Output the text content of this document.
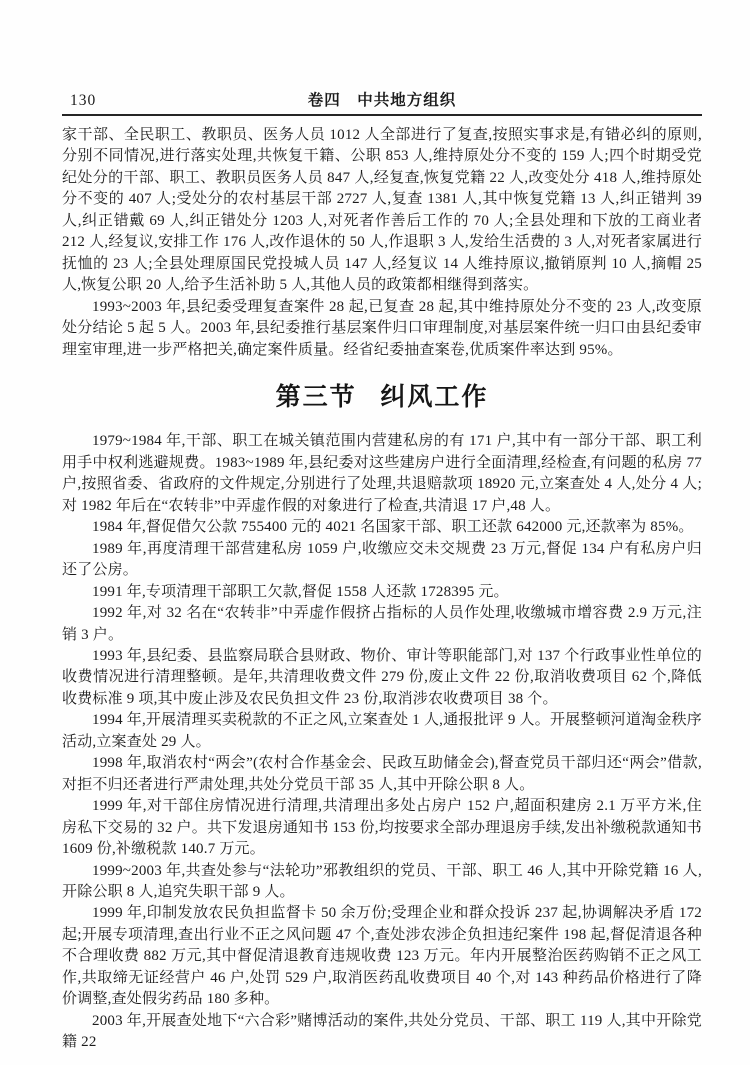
130	卷四　中共地方组织

家干部、全民职工、教职员、医务人员 1012 人全部进行了复查,按照实事求是,有错必纠的原则,分别不同情况,进行落实处理,共恢复干籍、公职 853 人,维持原处分不变的 159 人;四个时期受党纪处分的干部、职工、教职员医务人员 847 人,经复查,恢复党籍 22 人,改变处分 418 人,维持原处分不变的 407 人;受处分的农村基层干部 2727 人,复查 1381 人,其中恢复党籍 13 人,纠正错判 39 人,纠正错戴 69 人,纠正错处分 1203 人,对死者作善后工作的 70 人;全县处理和下放的工商业者 212 人,经复议,安排工作 176 人,改作退休的 50 人,作退职 3 人,发给生活费的 3 人,对死者家属进行抚恤的 23 人;全县处理原国民党投城人员 147 人,经复议 14 人维持原议,撤销原判 10 人,摘帽 25 人,恢复公职 20 人,给予生活补助 5 人,其他人员的政策都相继得到落实。

1993~2003 年,县纪委受理复查案件 28 起,已复查 28 起,其中维持原处分不变的 23 人,改变原处分结论 5 起 5 人。2003 年,县纪委推行基层案件归口审理制度,对基层案件统一归口由县纪委审理室审理,进一步严格把关,确定案件质量。经省纪委抽查案卷,优质案件率达到 95%。

第三节 纠风工作

1979~1984 年,干部、职工在城关镇范围内营建私房的有 171 户,其中有一部分干部、职工利用手中权利逃避规费。1983~1989 年,县纪委对这些建房户进行全面清理,经检查,有问题的私房 77 户,按照省委、省政府的文件规定,分别进行了处理,共退赔款项 18920 元,立案查处 4 人,处分 4 人;对 1982 年后在“农转非”中弄虚作假的对象进行了检查,共清退 17 户,48 人。

1984 年,督促借欠公款 755400 元的 4021 名国家干部、职工还款 642000 元,还款率为 85%。

1989 年,再度清理干部营建私房 1059 户,收缴应交未交规费 23 万元,督促 134 户有私房户归还了公房。

1991 年,专项清理干部职工欠款,督促 1558 人还款 1728395 元。

1992 年,对 32 名在“农转非”中弄虚作假挤占指标的人员作处理,收缴城市增容费 2.9 万元,注销 3 户。

1993 年,县纪委、县监察局联合县财政、物价、审计等职能部门,对 137 个行政事业性单位的收费情况进行清理整顿。是年,共清理收费文件 279 份,废止文件 22 份,取消收费项目 62 个,降低收费标准 9 项,其中废止涉及农民负担文件 23 份,取消涉农收费项目 38 个。

1994 年,开展清理买卖税款的不正之风,立案查处 1 人,通报批评 9 人。开展整顿河道淘金秩序活动,立案查处 29 人。

1998 年,取消农村“两会”(农村合作基金会、民政互助储金会),督查党员干部归还“两会”借款,对拒不归还者进行严肃处理,共处分党员干部 35 人,其中开除公职 8 人。

1999 年,对干部住房情况进行清理,共清理出多处占房户 152 户,超面积建房 2.1 万平方米,住房私下交易的 32 户。共下发退房通知书 153 份,均按要求全部办理退房手续,发出补缴税款通知书 1609 份,补缴税款 140.7 万元。

1999~2003 年,共查处参与“法轮功”邪教组织的党员、干部、职工 46 人,其中开除党籍 16 人,开除公职 8 人,追究失职干部 9 人。

1999 年,印制发放农民负担监督卡 50 余万份;受理企业和群众投诉 237 起,协调解决矛盾 172 起;开展专项清理,查出行业不正之风问题 47 个,查处涉农涉企负担违纪案件 198 起,督促清退各种不合理收费 882 万元,其中督促清退教育违规收费 123 万元。年内开展整治医药购销不正之风工作,共取缔无证经营户 46 户,处罚 529 户,取消医药乱收费项目 40 个,对 143 种药品价格进行了降价调整,查处假劣药品 180 多种。

2003 年,开展查处地下“六合彩”赌博活动的案件,共处分党员、干部、职工 119 人,其中开除党籍 22
